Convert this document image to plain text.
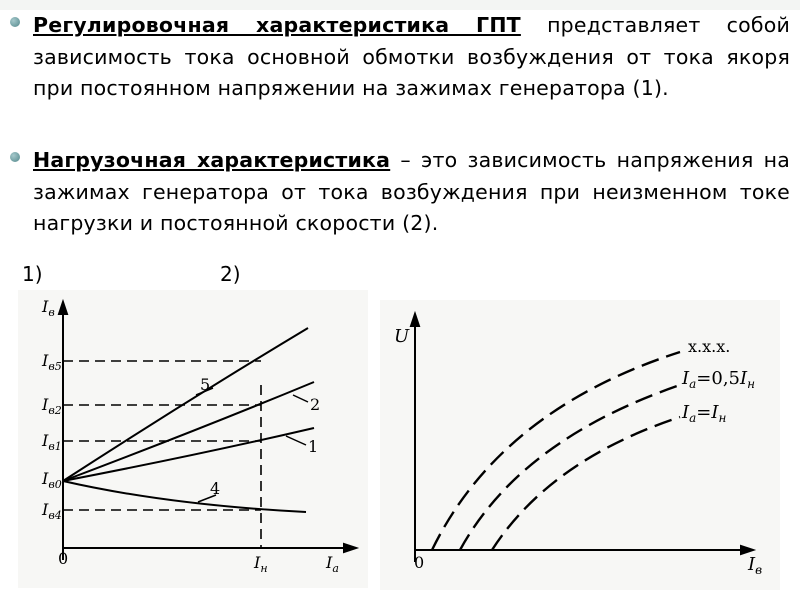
Регулировочная характеристика ГПТ представляет собой зависимость тока основной обмотки возбуждения от тока якоря при постоянном напряжении на зажимах генератора (1).
Нагрузочная характеристика – это зависимость напряжения на зажимах генератора от тока возбуждения при неизменном токе нагрузки и постоянной скорости (2).
1)	2)
$I_в$
$I_{в5}$
$I_{в2}$
$I_{в1}$
$I_{в0}$
$I_{в4}$
$I_н$	$I_a$
0
5
2
1
4
U
$I_в$
$I_a=0,5I_н$
$I_a=I_н$
х.х.х.
0
